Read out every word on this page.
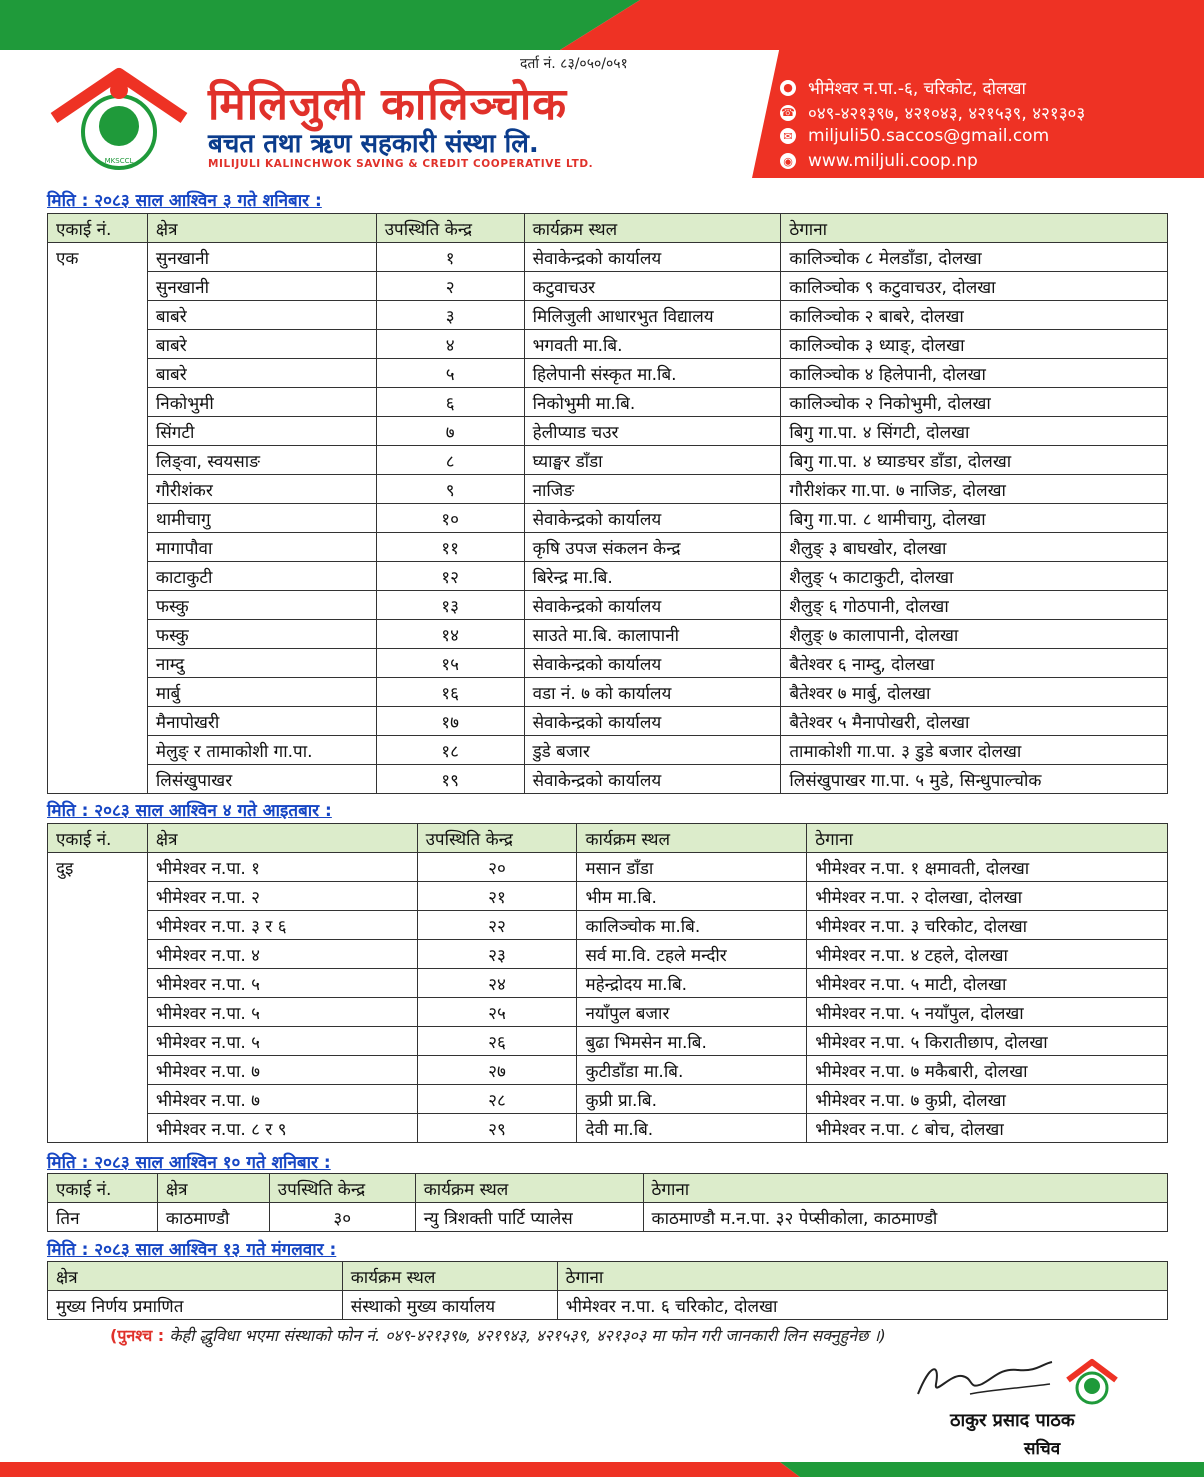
● भीमेश्वर न.पा.-६, चरिकोट, दोलखा
☎ ०४९-४२१३९७, ४२१०४३, ४२१५३९, ४२१३०३
✉ miljuli50.saccos@gmail.com
◉ www.miljuli.coop.np
दर्ता नं. ८३/०५०/०५१
MKSCCL
मिलिजुली कालिञ्चोक
बचत तथा ऋण सहकारी संस्था लि.
MILIJULI KALINCHWOK SAVING & CREDIT COOPERATIVE LTD.
मिति : २०८३ साल आश्विन ३ गते शनिबार :
एकाई नं.	क्षेत्र	उपस्थिति केन्द्र	कार्यक्रम स्थल	ठेगाना
एक	सुनखानी	१	सेवाकेन्द्रको कार्यालय	कालिञ्चोक ८ मेलडाँडा, दोलखा
	सुनखानी	२	कटुवाचउर	कालिञ्चोक ९ कटुवाचउर, दोलखा
	बाबरे	३	मिलिजुली आधारभुत विद्यालय	कालिञ्चोक २ बाबरे, दोलखा
	बाबरे	४	भगवती मा.बि.	कालिञ्चोक ३ ध्याङ्, दोलखा
	बाबरे	५	हिलेपानी संस्कृत मा.बि.	कालिञ्चोक ४ हिलेपानी, दोलखा
	निकोभुमी	६	निकोभुमी मा.बि.	कालिञ्चोक २ निकोभुमी, दोलखा
	सिंगटी	७	हेलीप्याड चउर	बिगु गा.पा. ४ सिंगटी, दोलखा
	लिङ्वा, स्वयसाङ	८	घ्याङ्घर डाँडा	बिगु गा.पा. ४ घ्याङघर डाँडा, दोलखा
	गौरीशंकर	९	नाजिङ	गौरीशंकर गा.पा. ७ नाजिङ, दोलखा
	थामीचागु	१०	सेवाकेन्द्रको कार्यालय	बिगु गा.पा. ८ थामीचागु, दोलखा
	मागापौवा	११	कृषि उपज संकलन केन्द्र	शैलुङ् ३ बाघखोर, दोलखा
	काटाकुटी	१२	बिरेन्द्र मा.बि.	शैलुङ् ५ काटाकुटी, दोलखा
	फस्कु	१३	सेवाकेन्द्रको कार्यालय	शैलुङ् ६ गोठपानी, दोलखा
	फस्कु	१४	साउते मा.बि. कालापानी	शैलुङ् ७ कालापानी, दोलखा
	नाम्दु	१५	सेवाकेन्द्रको कार्यालय	बैतेश्वर ६ नाम्दु, दोलखा
	मार्बु	१६	वडा नं. ७ को कार्यालय	बैतेश्वर ७ मार्बु, दोलखा
	मैनापोखरी	१७	सेवाकेन्द्रको कार्यालय	बैतेश्वर ५ मैनापोखरी, दोलखा
	मेलुङ् र तामाकोशी गा.पा.	१८	डुडे बजार	तामाकोशी गा.पा. ३ डुडे बजार दोलखा
	लिसंखुपाखर	१९	सेवाकेन्द्रको कार्यालय	लिसंखुपाखर गा.पा. ५ मुडे, सिन्धुपाल्चोक
मिति : २०८३ साल आश्विन ४ गते आइतबार :
एकाई नं.	क्षेत्र	उपस्थिति केन्द्र	कार्यक्रम स्थल	ठेगाना
दुइ	भीमेश्वर न.पा. १	२०	मसान डाँडा	भीमेश्वर न.पा. १ क्षमावती, दोलखा
	भीमेश्वर न.पा. २	२१	भीम मा.बि.	भीमेश्वर न.पा. २ दोलखा, दोलखा
	भीमेश्वर न.पा. ३ र ६	२२	कालिञ्चोक मा.बि.	भीमेश्वर न.पा. ३ चरिकोट, दोलखा
	भीमेश्वर न.पा. ४	२३	सर्व मा.वि. टहले मन्दीर	भीमेश्वर न.पा. ४ टहले, दोलखा
	भीमेश्वर न.पा. ५	२४	महेन्द्रोदय मा.बि.	भीमेश्वर न.पा. ५ माटी, दोलखा
	भीमेश्वर न.पा. ५	२५	नयाँपुल बजार	भीमेश्वर न.पा. ५ नयाँपुल, दोलखा
	भीमेश्वर न.पा. ५	२६	बुढा भिमसेन मा.बि.	भीमेश्वर न.पा. ५ किरातीछाप, दोलखा
	भीमेश्वर न.पा. ७	२७	कुटीडाँडा मा.बि.	भीमेश्वर न.पा. ७ मकैबारी, दोलखा
	भीमेश्वर न.पा. ७	२८	कुप्री प्रा.बि.	भीमेश्वर न.पा. ७ कुप्री, दोलखा
	भीमेश्वर न.पा. ८ र ९	२९	देवी मा.बि.	भीमेश्वर न.पा. ८ बोच, दोलखा
मिति : २०८३ साल आश्विन १० गते शनिबार :
एकाई नं.	क्षेत्र	उपस्थिति केन्द्र	कार्यक्रम स्थल	ठेगाना
तिन	काठमाण्डौ	३०	न्यु त्रिशक्ती पार्टि प्यालेस	काठमाण्डौ म.न.पा. ३२ पेप्सीकोला, काठमाण्डौ
मिति : २०८३ साल आश्विन १३ गते मंगलवार :
क्षेत्र	कार्यक्रम स्थल	ठेगाना
मुख्य निर्णय प्रमाणित	संस्थाको मुख्य कार्यालय	भीमेश्वर न.पा. ६ चरिकोट, दोलखा
(पुनश्च : केही द्धुविधा भएमा संस्थाको फोन नं. ०४९-४२१३९७, ४२१९४३, ४२१५३९, ४२१३०३ मा फोन गरी जानकारी लिन सक्नुहुनेछ ।)
ठाकुर प्रसाद पाठक
सचिव
